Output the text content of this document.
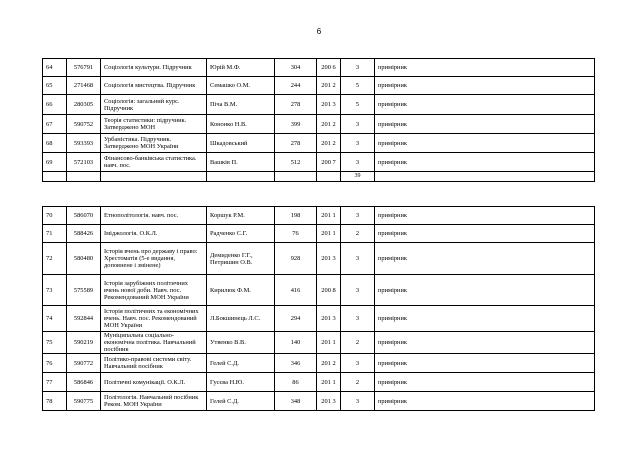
6
64	576791	Соціологія культури. Підручник	Юрій М.Ф.	304	200 6	3	примірник
65	271468	Соціологія мистецтва. Підручник	Семашко О.М.	244	201 2	5	примірник
66	280305	Соціологія: загальний курс. Підручник	Піча В.М.	278	201 3	5	примірник
67	590752	Теорія статистики: підручник. Затверджено МОН	Кононко Н.В.	399	201 2	3	примірник
68	593393	Урбаністика. Підручник. Затверджено МОН України	Шкадовський	278	201 2	3	примірник
69	572103	Фінансово-банківська статистика. навч. пос.	Вашків П.	512	200 7	3	примірник
						39	
70	586070	Етнополітологія. навч. пос.	Коршук Р.М.	198	201 1	3	примірник
71	588426	Іміджологія. О.К.Л.	Радченко С.Г.	76	201 1	2	примірник
72	580480	Історія вчень про державу і право: Хрестоматія (5-е видання, доповнене і змінене)	Демиденко Г.Г., Петришин О.В.	928	201 3	3	примірник
73	575589	Історія зарубіжних політичних вчень нової доби. Навч. пос. Рекомендований МОН України	Кирилюк Ф.М.	416	200 8	3	примірник
74	592844	Історія політичних та економічних вчень. Навч. пос. Рекомендований МОН України	Л.Бокшинець Л.С.	294	201 3	3	примірник
75	590219	Муніципальна соціально-економічна політика. Навчальний посібник	Утвенко В.В.	140	201 1	2	примірник
76	590772	Політико-правові системи світу. Навчальний посібник	Гелей С.Д.	346	201 2	3	примірник
77	586846	Політичні комунікації. О.К.Л.	Гусєва Н.Ю.	86	201 1	2	примірник
78	590775	Політологія. Навчальний посібник Реком. МОН України	Гелей С.Д.	348	201 3	3	примірник
